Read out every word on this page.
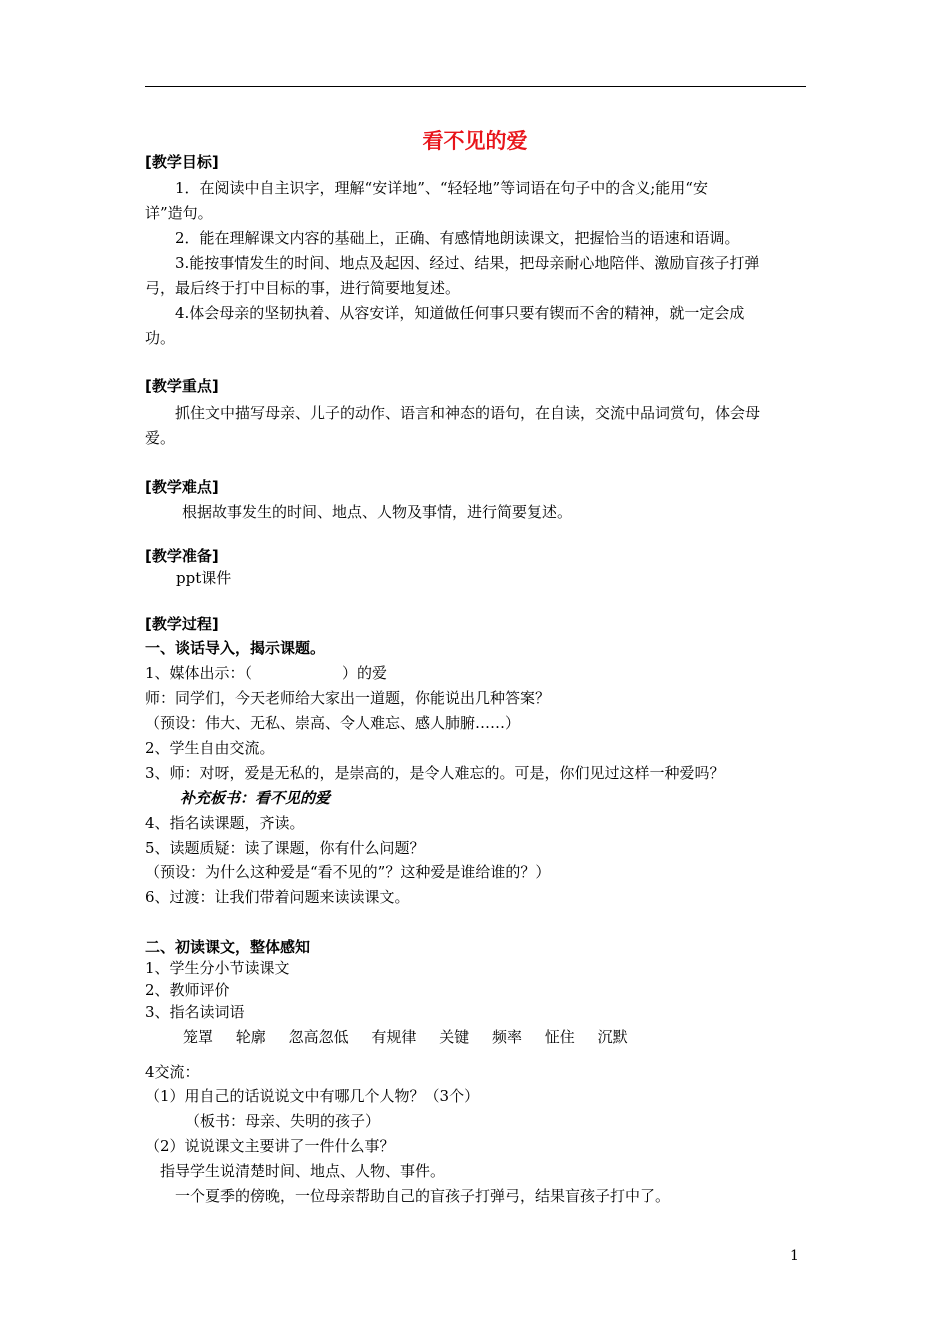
看不见的爱
[教学目标]
1．在阅读中自主识字，理解“安详地”、“轻轻地”等词语在句子中的含义;能用“安
详”造句。
2．能在理解课文内容的基础上，正确、有感情地朗读课文，把握恰当的语速和语调。
3.能按事情发生的时间、地点及起因、经过、结果，把母亲耐心地陪伴、激励盲孩子打弹
弓，最后终于打中目标的事，进行简要地复述。
4.体会母亲的坚韧执着、从容安详，知道做任何事只要有锲而不舍的精神，就一定会成
功。
[教学重点]
抓住文中描写母亲、儿子的动作、语言和神态的语句，在自读，交流中品词赏句，体会母
爱。
[教学难点]
根据故事发生的时间、地点、人物及事情，进行简要复述。
[教学准备]
ppt课件
[教学过程]
一、谈话导入，揭示课题。
1、媒体出示：（　　　　　　）的爱
师：同学们，今天老师给大家出一道题，你能说出几种答案？
（预设：伟大、无私、崇高、令人难忘、感人肺腑……）
2、学生自由交流。
3、师：对呀，爱是无私的，是崇高的，是令人难忘的。可是，你们见过这样一种爱吗？
补充板书：看不见的爱
4、指名读课题，齐读。
5、读题质疑：读了课题，你有什么问题？
（预设：为什么这种爱是“看不见的”？这种爱是谁给谁的？）
6、过渡：让我们带着问题来读读课文。
二、初读课文，整体感知
1、学生分小节读课文
2、教师评价
3、指名读词语
笼罩 轮廓 忽高忽低 有规律 关键 频率 怔住 沉默
4交流：
（1）用自己的话说说文中有哪几个人物？（3个）
（板书：母亲、失明的孩子）
（2）说说课文主要讲了一件什么事？
指导学生说清楚时间、地点、人物、事件。
一个夏季的傍晚，一位母亲帮助自己的盲孩子打弹弓，结果盲孩子打中了。
1
